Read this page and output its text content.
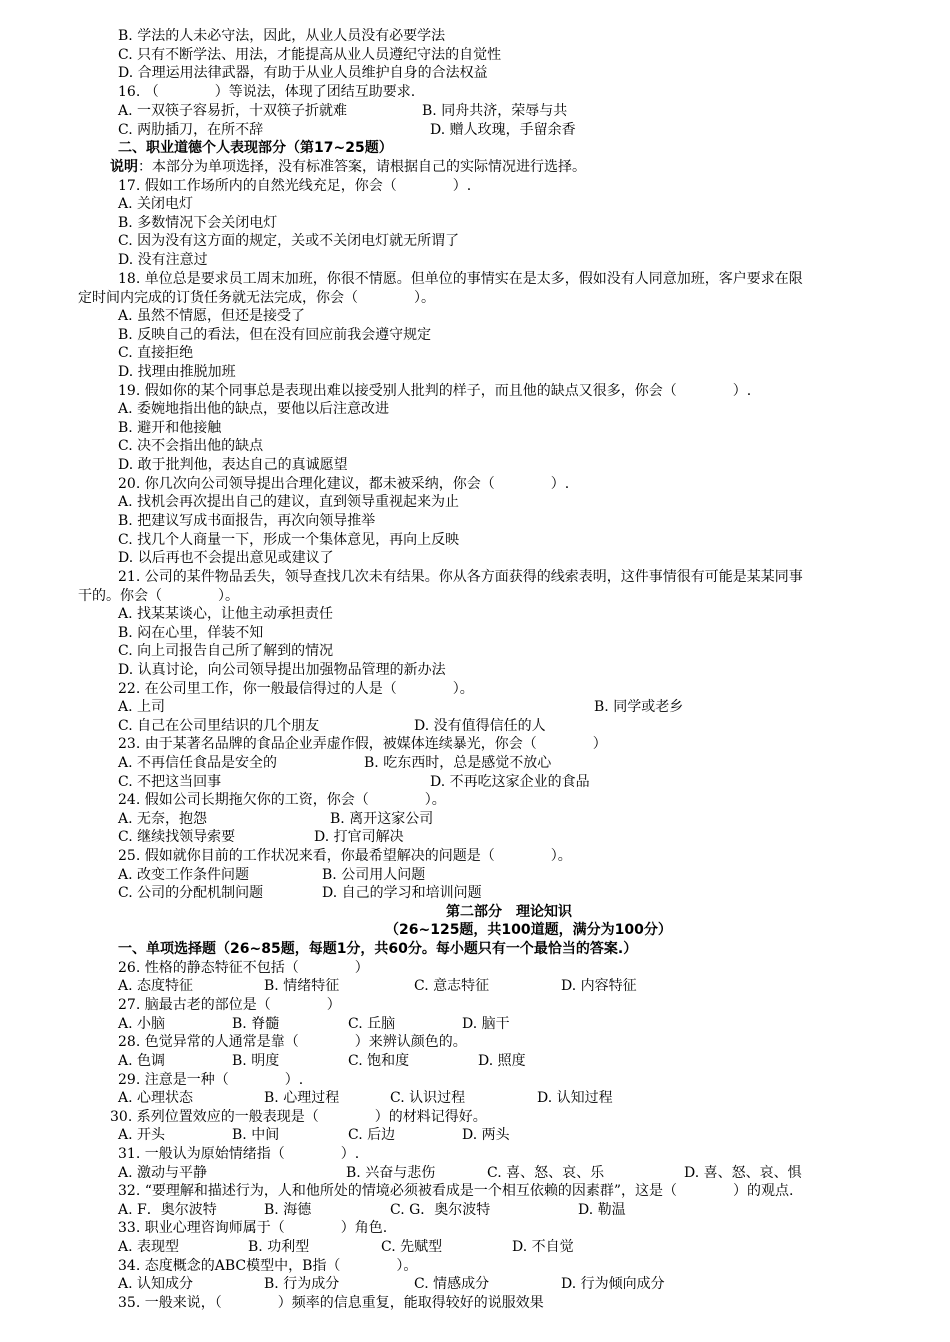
B. 学法的人未必守法，因此，从业人员没有必要学法
C. 只有不断学法、用法，才能提高从业人员遵纪守法的自觉性
D. 合理运用法律武器，有助于从业人员维护自身的合法权益
16. （　　　　）等说法，体现了团结互助要求.
A. 一双筷子容易折，十双筷子折就难	B. 同舟共济，荣辱与共
C. 两肋插刀，在所不辞	D. 赠人玫瑰，手留余香
二、职业道德个人表现部分（第17~25题）
说明：本部分为单项选择，没有标准答案，请根据自己的实际情况进行选择。
17. 假如工作场所内的自然光线充足，你会（　　　　）.
A. 关闭电灯
B. 多数情况下会关闭电灯
C. 因为没有这方面的规定，关或不关闭电灯就无所谓了
D. 没有注意过
18. 单位总是要求员工周末加班，你很不情愿。但单位的事情实在是太多，假如没有人同意加班，客户要求在限
定时间内完成的订货任务就无法完成，你会（　　　　）。
A. 虽然不情愿，但还是接受了
B. 反映自己的看法，但在没有回应前我会遵守规定
C. 直接拒绝
D. 找理由推脱加班
19. 假如你的某个同事总是表现出难以接受别人批判的样子，而且他的缺点又很多，你会（　　　　）.
A. 委婉地指出他的缺点，要他以后注意改进
B. 避开和他接触
C. 决不会指出他的缺点
D. 敢于批判他，表达自己的真诚愿望
20. 你几次向公司领导提出合理化建议，都未被采纳，你会（　　　　）.
A. 找机会再次提出自己的建议，直到领导重视起来为止
B. 把建议写成书面报告，再次向领导推举
C. 找几个人商量一下，形成一个集体意见，再向上反映
D. 以后再也不会提出意见或建议了
21. 公司的某件物品丢失，领导查找几次未有结果。你从各方面获得的线索表明，这件事情很有可能是某某同事
干的。你会（　　　　）。
A. 找某某谈心，让他主动承担责任
B. 闷在心里，佯装不知
C. 向上司报告自己所了解到的情况
D. 认真讨论，向公司领导提出加强物品管理的新办法
22. 在公司里工作，你一般最信得过的人是（　　　　）。
A. 上司	B. 同学或老乡
C. 自己在公司里结识的几个朋友	D. 没有值得信任的人
23. 由于某著名品牌的食品企业弄虚作假，被媒体连续暴光，你会（　　　　）
A. 不再信任食品是安全的	B. 吃东西时，总是感觉不放心
C. 不把这当回事	D. 不再吃这家企业的食品
24. 假如公司长期拖欠你的工资，你会（　　　　）。
A. 无奈，抱怨	B. 离开这家公司
C. 继续找领导索要	D. 打官司解决
25. 假如就你目前的工作状况来看，你最希望解决的问题是（　　　　）。
A. 改变工作条件问题	B. 公司用人问题
C. 公司的分配机制问题	D. 自己的学习和培训问题
第二部分　理论知识
（26~125题，共100道题，满分为100分）
一、单项选择题（26~85题，每题1分，共60分。每小题只有一个最恰当的答案.）
26. 性格的静态特征不包括（　　　　）
A. 态度特征	B. 情绪特征	C. 意志特征	D. 内容特征
27. 脑最古老的部位是（　　　　）
A. 小脑	B. 脊髓	C. 丘脑	D. 脑干
28. 色觉异常的人通常是靠（　　　　）来辨认颜色的。
A. 色调	B. 明度	C. 饱和度	D. 照度
29. 注意是一种（　　　　）.
A. 心理状态	B. 心理过程	C. 认识过程	D. 认知过程
30. 系列位置效应的一般表现是（　　　　）的材料记得好。
A. 开头	B. 中间	C. 后边	D. 两头
31. 一般认为原始情绪指（　　　　）.
A. 激动与平静	B. 兴奋与悲伤	C. 喜、怒、哀、乐	D. 喜、怒、哀、惧
32. “要理解和描述行为，人和他所处的情境必须被看成是一个相互依赖的因素群”，这是（　　　　）的观点.
A. F．奥尔波特	B. 海德	C. G．奥尔波特	D. 勒温
33. 职业心理咨询师属于（　　　　）角色.
A. 表现型	B. 功利型	C. 先赋型	D. 不自觉
34. 态度概念的ABC模型中，B指（　　　　）。
A. 认知成分	B. 行为成分	C. 情感成分	D. 行为倾向成分
35. 一般来说，（　　　　）频率的信息重复，能取得较好的说服效果
